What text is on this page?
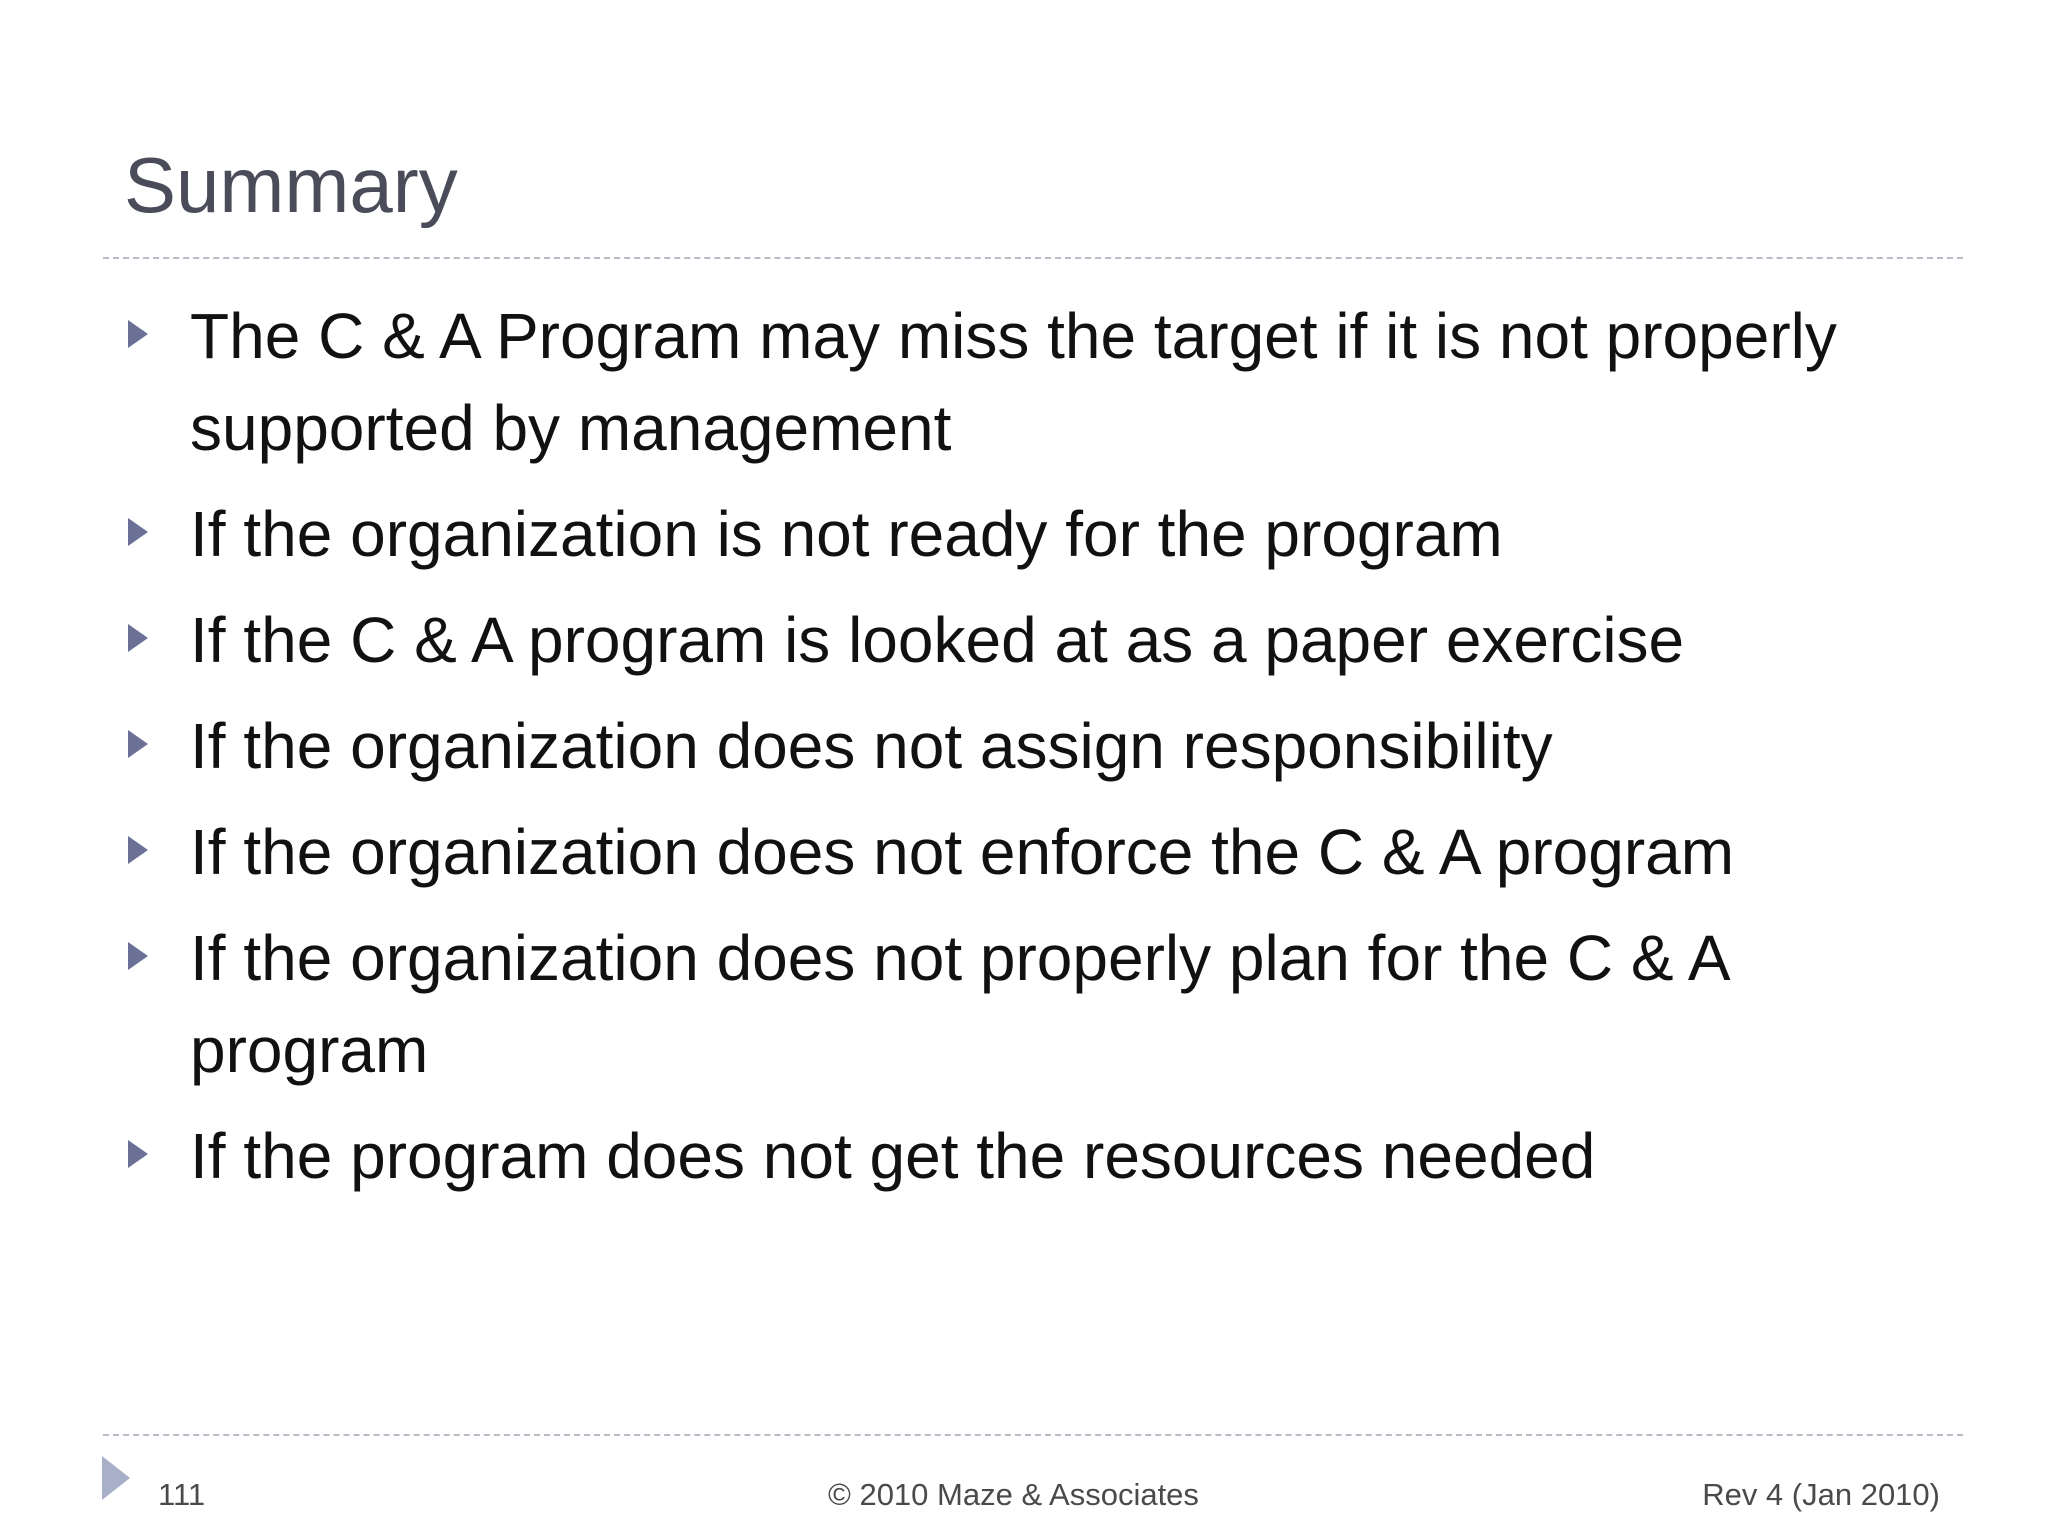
Summary
The C & A Program may miss the target if it is not properly supported by management
If the organization is not ready for the program
If the C & A program is looked at as a paper exercise
If the organization does not assign responsibility
If the organization does not enforce the C & A program
If the organization does not properly plan for the C & A program
If the program does not get the resources needed
111	© 2010 Maze & Associates	Rev 4 (Jan 2010)
